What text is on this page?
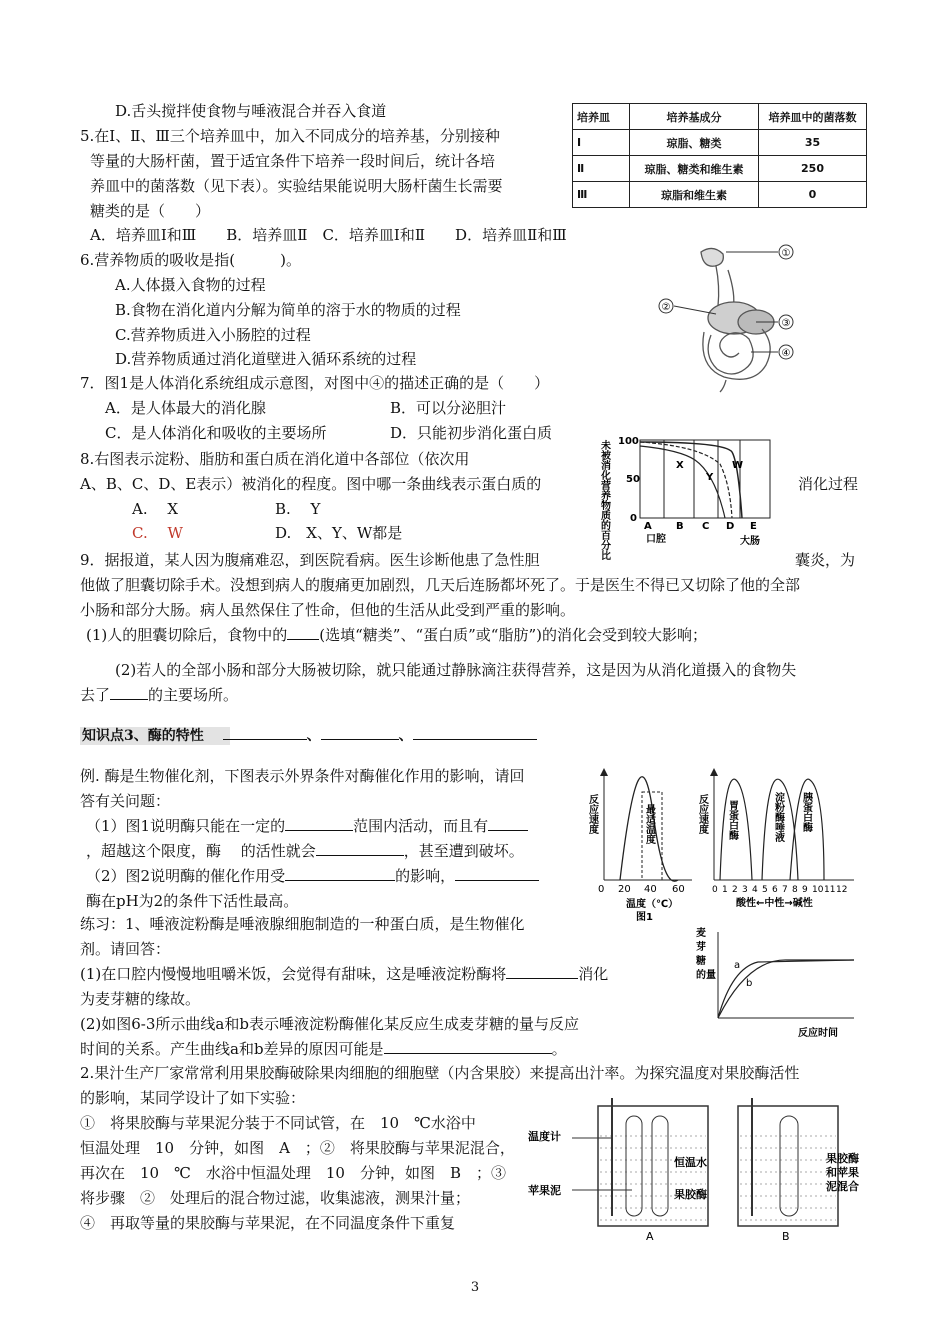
D.舌头搅拌使食物与唾液混合并吞入食道
5.在Ⅰ、Ⅱ、Ⅲ三个培养皿中，加入不同成分的培养基，分别接种
等量的大肠杆菌，置于适宜条件下培养一段时间后，统计各培
养皿中的菌落数（见下表）。实验结果能说明大肠杆菌生长需要
糖类的是（　　）
A．培养皿Ⅰ和Ⅲ　　B．培养皿Ⅱ　C．培养皿Ⅰ和Ⅱ　　D．培养皿Ⅱ和Ⅲ
培养皿	培养基成分	培养皿中的菌落数
Ⅰ	琼脂、糖类	35
Ⅱ	琼脂、糖类和维生素	250
Ⅲ	琼脂和维生素	0
6.营养物质的吸收是指(　　　)。
A.人体摄入食物的过程
B.食物在消化道内分解为简单的溶于水的物质的过程
C.营养物质进入小肠腔的过程
D.营养物质通过消化道壁进入循环系统的过程
①
②
③
④
7．图1是人体消化系统组成示意图，对图中④的描述正确的是（　　）
A．是人体最大的消化腺	B．可以分泌胆汁
C．是人体消化和吸收的主要场所	D．只能初步消化蛋白质
8.右图表示淀粉、脂肪和蛋白质在消化道中各部位（依次用
A、B、C、D、E表示）被消化的程度。图中哪一条曲线表示蛋白质的	消化过程
A.　 X	B.　 Y
C.　 W	D.　X、Y、W都是	未被消化营养物质的百分比 100
50
0
X
Y
W
A B C D E
口腔	大肠
9．据报道，某人因为腹痛难忍，到医院看病。医生诊断他患了急性胆	囊炎，为
他做了胆囊切除手术。没想到病人的腹痛更加剧烈，几天后连肠都坏死了。于是医生不得已又切除了他的全部
小肠和部分大肠。病人虽然保住了性命，但他的生活从此受到严重的影响。
(1)人的胆囊切除后，食物中的 (选填“糖类”、“蛋白质”或“脂肪”)的消化会受到较大影响；
(2)若人的全部小肠和部分大肠被切除，就只能通过静脉滴注获得营养，这是因为从消化道摄入的食物失
去了	的主要场所。
知识点3、酶的特性	、	、
例. 酶是生物催化剂，下图表示外界条件对酶催化作用的影响，请回
答有关问题：
（1）图1说明酶只能在一定的	范围内活动，而且有
，超越这个限度，酶　 的活性就会	，甚至遭到破坏。
（2）图2说明酶的催化作用受	的影响，
酶在pH为2的条件下活性最高。
反应速度	最适温度
0 20 40 60
温度（℃）
图1
反应速度 胃蛋白酶	淀粉酶唾液 胰蛋白酶
0 1 2 3 4 5 6 7 8 9 10 11 12
酸性←中性→碱性
练习：1、唾液淀粉酶是唾液腺细胞制造的一种蛋白质，是生物催化
剂。请回答：
(1)在口腔内慢慢地咀嚼米饭，会觉得有甜味，这是唾液淀粉酶将	消化
为麦芽糖的缘故。
(2)如图6-3所示曲线a和b表示唾液淀粉酶催化某反应生成麦芽糖的量与反应
时间的关系。产生曲线a和b差异的原因可能是	。
麦芽糖的量
a
b
反应时间
2.果汁生产厂家常常利用果胶酶破除果肉细胞的细胞壁（内含果胶）来提高出汁率。为探究温度对果胶酶活性
的影响，某同学设计了如下实验：
①　将果胶酶与苹果泥分装于不同试管，在　10　℃水浴中
恒温处理　10　分钟，如图　A　；②　将果胶酶与苹果泥混合，
再次在　10　℃　水浴中恒温处理　10　分钟，如图　B　；③
将步骤　②　处理后的混合物过滤，收集滤液，测果汁量；
④　再取等量的果胶酶与苹果泥，在不同温度条件下重复
温度计
苹果泥
恒温水
果胶酶
A
果胶酶和苹果泥混合
B
3
